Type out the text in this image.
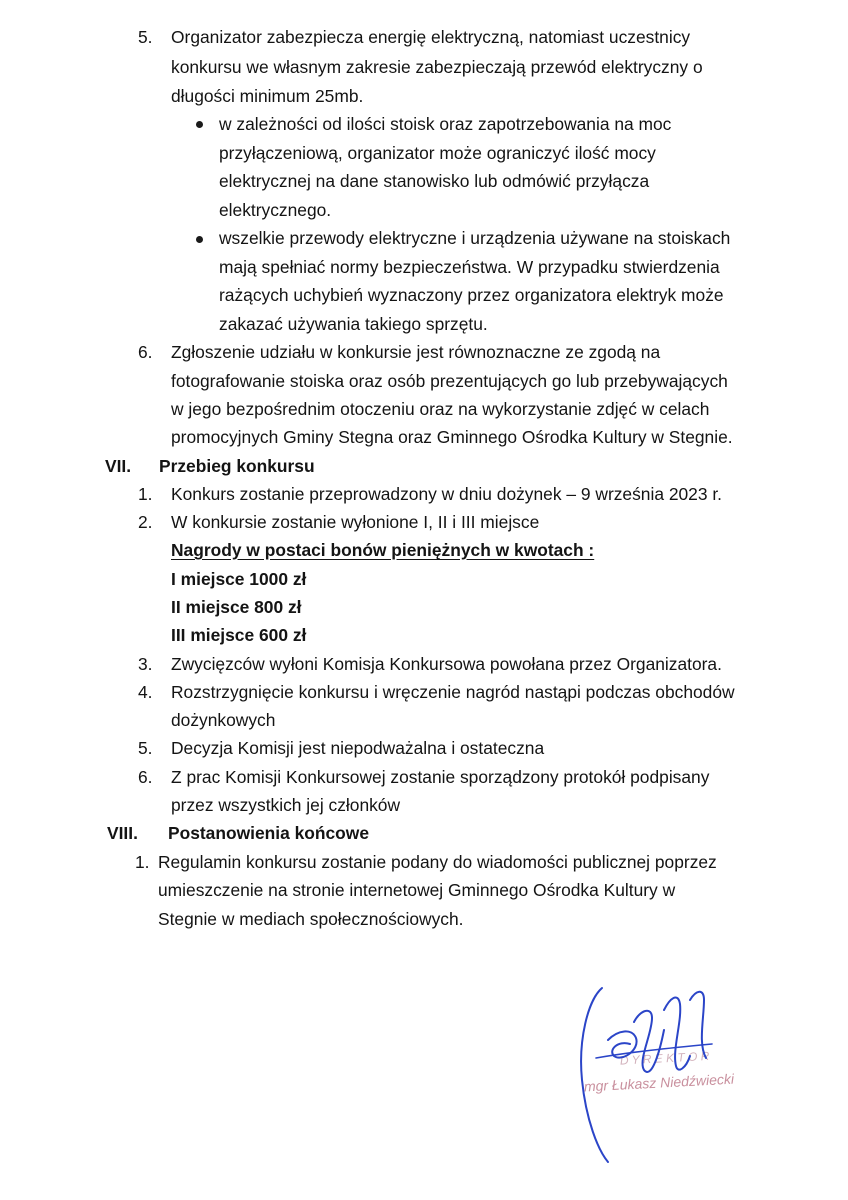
5. Organizator zabezpiecza energię elektryczną, natomiast uczestnicy
konkursu we własnym zakresie zabezpieczają przewód elektryczny o
długości minimum 25mb.
w zależności od ilości stoisk oraz zapotrzebowania na moc
przyłączeniową, organizator może ograniczyć ilość mocy
elektrycznej na dane stanowisko lub odmówić przyłącza
elektrycznego.
wszelkie przewody elektryczne i urządzenia używane na stoiskach
mają spełniać normy bezpieczeństwa. W przypadku stwierdzenia
rażących uchybień wyznaczony przez organizatora elektryk może
zakazać używania takiego sprzętu.
6. Zgłoszenie udziału w konkursie jest równoznaczne ze zgodą na
fotografowanie stoiska oraz osób prezentujących go lub przebywających
w jego bezpośrednim otoczeniu oraz na wykorzystanie zdjęć w celach
promocyjnych Gminy Stegna oraz Gminnego Ośrodka Kultury w Stegnie.
VII. Przebieg konkursu
1. Konkurs zostanie przeprowadzony w dniu dożynek – 9 września 2023 r.
2. W konkursie zostanie wyłonione I, II i III miejsce
Nagrody w postaci bonów pieniężnych w kwotach :
I miejsce 1000 zł
II miejsce 800 zł
III miejsce 600 zł
3. Zwycięzców wyłoni Komisja Konkursowa powołana przez Organizatora.
4. Rozstrzygnięcie konkursu i wręczenie nagród nastąpi podczas obchodów
dożynkowych
5. Decyzja Komisji jest niepodważalna i ostateczna
6. Z prac Komisji Konkursowej zostanie sporządzony protokół podpisany
przez wszystkich jej członków
VIII. Postanowienia końcowe
1. Regulamin konkursu zostanie podany do wiadomości publicznej poprzez
umieszczenie na stronie internetowej Gminnego Ośrodka Kultury w
Stegnie w mediach społecznościowych.
mgr Łukasz Niedźwiecki
D Y R E K T O R
